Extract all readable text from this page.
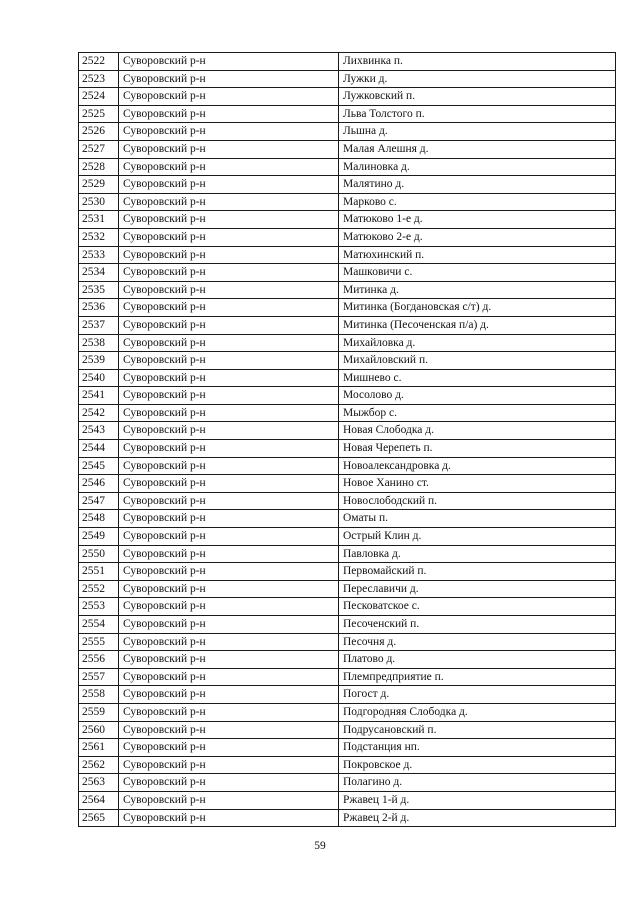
2522	Суворовский р-н	Лихвинка п.
2523	Суворовский р-н	Лужки д.
2524	Суворовский р-н	Лужковский п.
2525	Суворовский р-н	Льва Толстого п.
2526	Суворовский р-н	Льшна д.
2527	Суворовский р-н	Малая Алешня д.
2528	Суворовский р-н	Малиновка д.
2529	Суворовский р-н	Малятино д.
2530	Суворовский р-н	Марково с.
2531	Суворовский р-н	Матюково 1-е д.
2532	Суворовский р-н	Матюково 2-е д.
2533	Суворовский р-н	Матюхинский п.
2534	Суворовский р-н	Машковичи с.
2535	Суворовский р-н	Митинка д.
2536	Суворовский р-н	Митинка (Богдановская с/т) д.
2537	Суворовский р-н	Митинка (Песоченская п/а) д.
2538	Суворовский р-н	Михайловка д.
2539	Суворовский р-н	Михайловский п.
2540	Суворовский р-н	Мишнево с.
2541	Суворовский р-н	Мосолово д.
2542	Суворовский р-н	Мыжбор с.
2543	Суворовский р-н	Новая Слободка д.
2544	Суворовский р-н	Новая Черепеть п.
2545	Суворовский р-н	Новоалександровка д.
2546	Суворовский р-н	Новое Ханино ст.
2547	Суворовский р-н	Новослободский п.
2548	Суворовский р-н	Оматы п.
2549	Суворовский р-н	Острый Клин д.
2550	Суворовский р-н	Павловка д.
2551	Суворовский р-н	Первомайский п.
2552	Суворовский р-н	Переславичи д.
2553	Суворовский р-н	Песковатское с.
2554	Суворовский р-н	Песоченский п.
2555	Суворовский р-н	Песочня д.
2556	Суворовский р-н	Платово д.
2557	Суворовский р-н	Племпредприятие п.
2558	Суворовский р-н	Погост д.
2559	Суворовский р-н	Подгородняя Слободка д.
2560	Суворовский р-н	Подрусановский п.
2561	Суворовский р-н	Подстанция нп.
2562	Суворовский р-н	Покровское д.
2563	Суворовский р-н	Полагино д.
2564	Суворовский р-н	Ржавец 1-й д.
2565	Суворовский р-н	Ржавец 2-й д.
59
